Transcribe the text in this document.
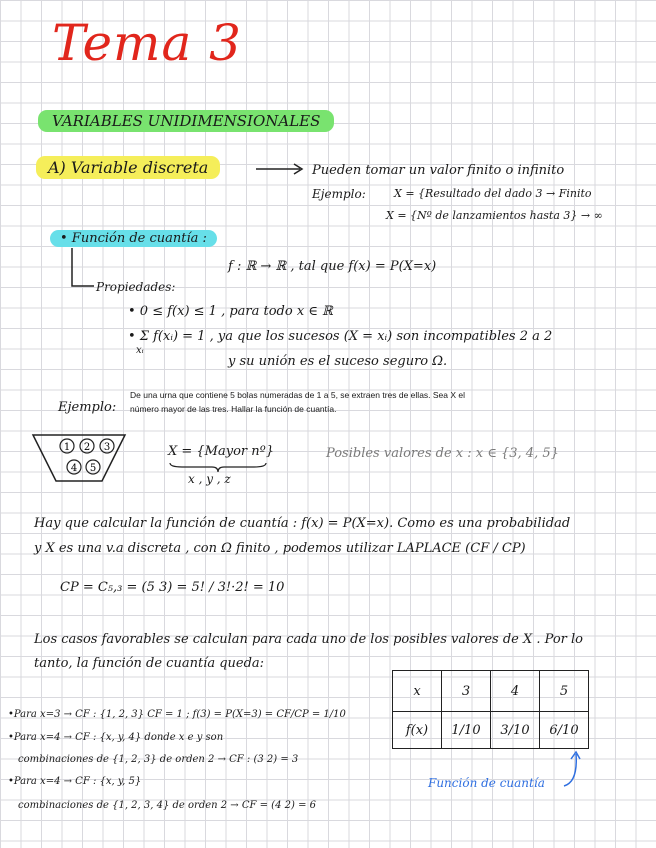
Tema 3
VARIABLES UNIDIMENSIONALES
A) Variable discreta	Pueden tomar un valor finito o infinito
Ejemplo:	X = {Resultado del dado 3 → Finito
X = {Nº de lanzamientos hasta 3} → ∞
• Función de cuantía :
f : ℝ → ℝ , tal que f(x) = P(X=x)
Propiedades:
• 0 ≤ f(x) ≤ 1 , para todo x ∈ ℝ
• Σ f(xᵢ) = 1 , ya que los sucesos (X = xᵢ) son incompatibles 2 a 2
xᵢ
y su unión es el suceso seguro Ω.
Ejemplo:
De una urna que contiene 5 bolas numeradas de 1 a 5, se extraen tres de ellas. Sea X el
número mayor de las tres. Hallar la función de cuantía.
1 2 3
4 5
X = {Mayor nº}
x , y , z
Posibles valores de x : x ∈ {3, 4, 5}
Hay que calcular la función de cuantía : f(x) = P(X=x). Como es una probabilidad
y X es una v.a discreta , con Ω finito , podemos utilizar LAPLACE (CF / CP)
CP = C₅,₃ = (5 3) = 5! / 3!·2! = 10
Los casos favorables se calculan para cada uno de los posibles valores de X . Por lo
tanto, la función de cuantía queda:
•Para x=3 → CF : {1, 2, 3} CF = 1 ; f(3) = P(X=3) = CF/CP = 1/10
•Para x=4 → CF : {x, y, 4} donde x e y son
combinaciones de {1, 2, 3} de orden 2 → CF : (3 2) = 3
•Para x=4 → CF : {x, y, 5}
combinaciones de {1, 2, 3, 4} de orden 2 → CF = (4 2) = 6
x	3	4	5
f(x)	1/10	3/10	6/10
Función de cuantía
